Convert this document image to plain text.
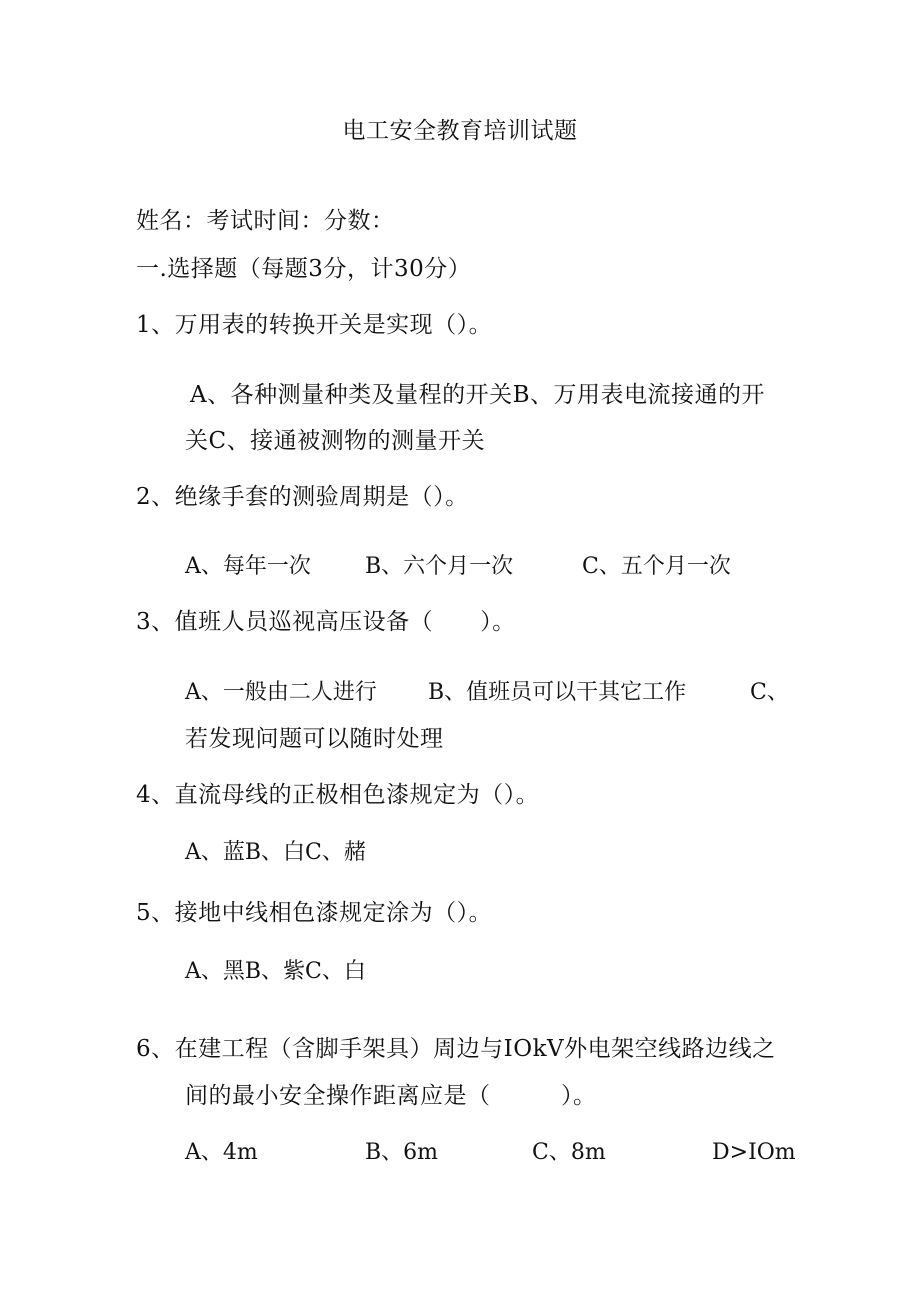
电工安全教育培训试题
姓名：考试时间：分数：
一.选择题（每题3分，计30分）
1、万用表的转换开关是实现（）。
A、各种测量种类及量程的开关B、万用表电流接通的开
关C、接通被测物的测量开关
2、绝缘手套的测验周期是（）。
A、每年一次 B、六个月一次	C、五个月一次
3、值班人员巡视高压设备（　　）。
A、一般由二人进行 B、值班员可以干其它工作	C、
若发现问题可以随时处理
4、直流母线的正极相色漆规定为（）。
A、蓝B、白C、赭
5、接地中线相色漆规定涂为（）。
A、黑B、紫C、白
6、在建工程（含脚手架具）周边与IOkV外电架空线路边线之
间的最小安全操作距离应是（　　　）。
A、4m	B、6m	C、8m	D>IOm
